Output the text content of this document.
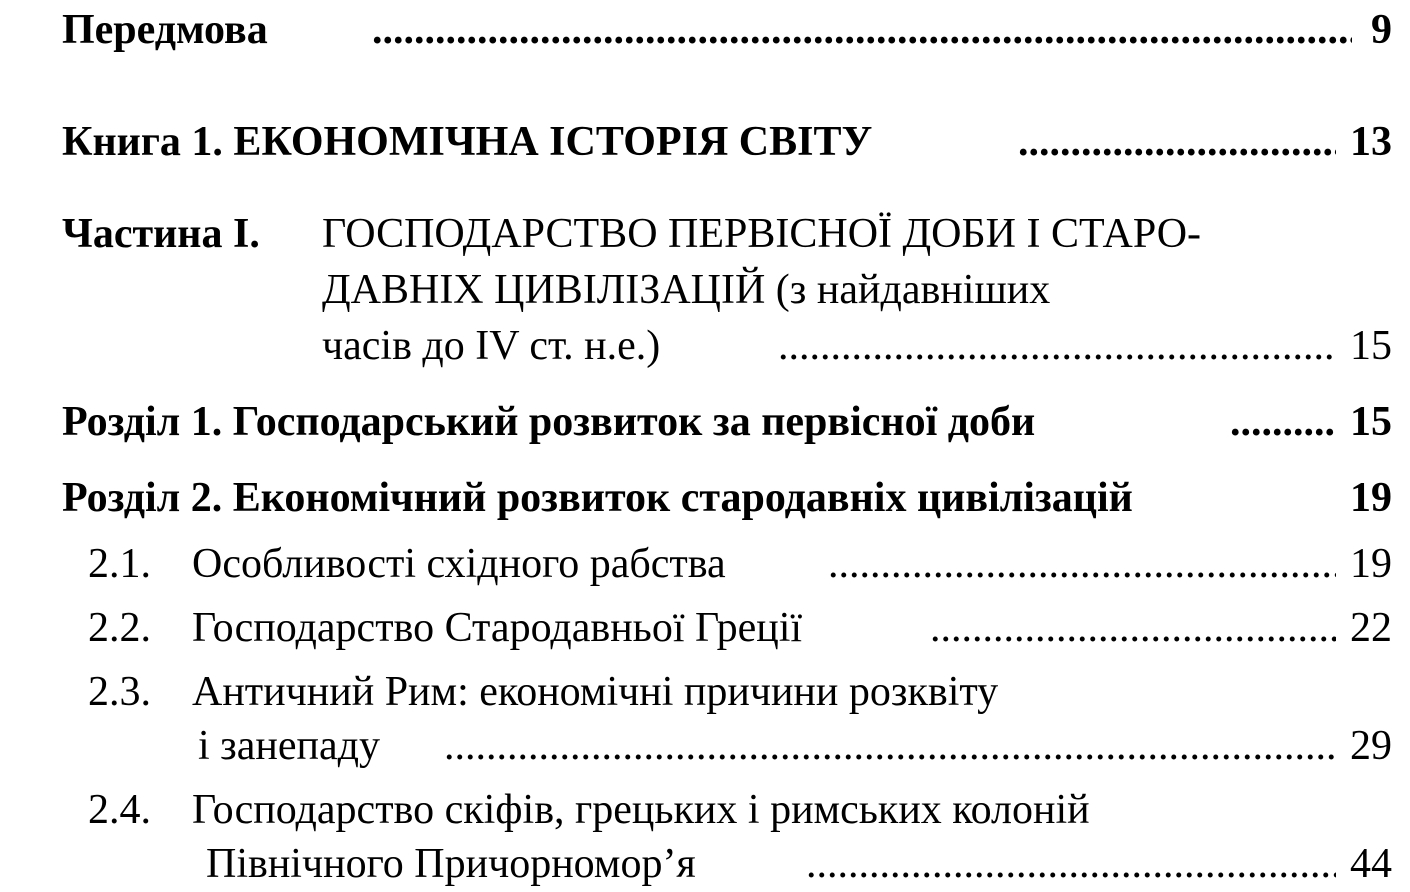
Передмова .....	9
Книга 1. ЕКОНОМІЧНА ІСТОРІЯ СВІТУ .....	13
Частина І. ГОСПОДАРСТВО ПЕРВІСНОЇ ДОБИ І СТАРО-
ДАВНІХ ЦИВІЛІЗАЦІЙ (з найдавніших
часів до IV ст. н.е.) .....	15
Розділ 1. Господарський розвиток за первісної доби .....	15
Розділ 2. Економічний розвиток стародавніх цивілізацій	19
2.1. Особливості східного рабства .....	19
2.2. Господарство Стародавньої Греції .....	22
2.3. Античний Рим: економічні причини розквіту
і занепаду .....	29
2.4. Господарство скіфів, грецьких і римських колоній
Північного Причорномор’я .....	44
